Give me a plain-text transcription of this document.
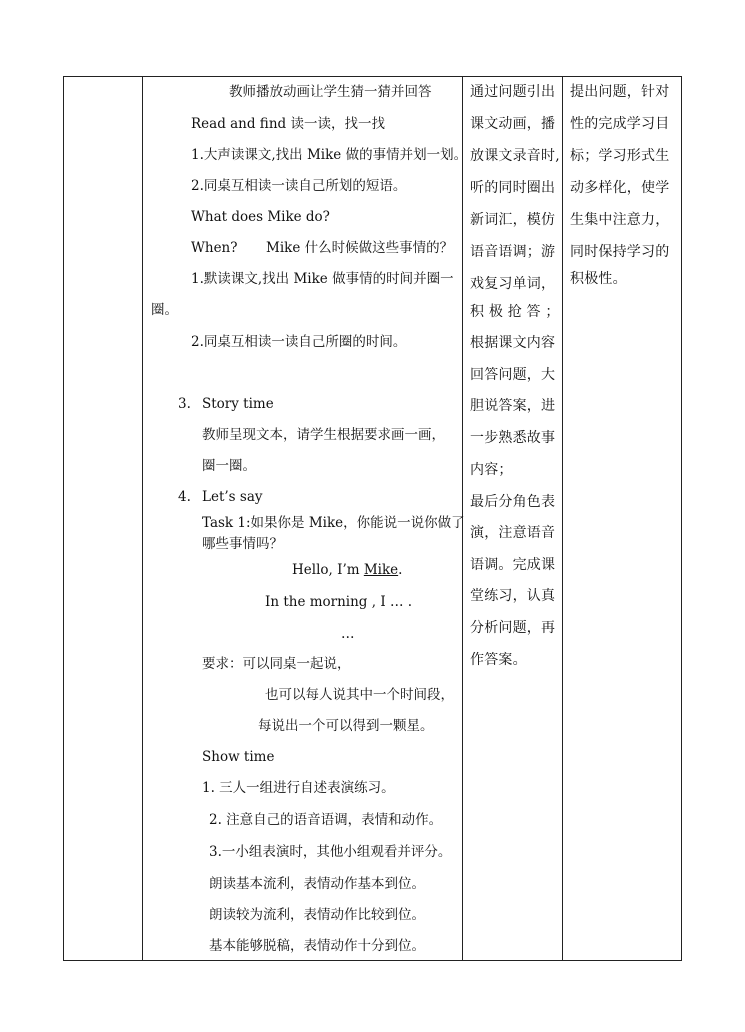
教师播放动画让学生猜一猜并回答
Read and find 读一读，找一找
1.大声读课文,找出 Mike 做的事情并划一划。
2.同桌互相读一读自己所划的短语。
What does Mike do?
When? Mike 什么时候做这些事情的？
1.默读课文,找出 Mike 做事情的时间并圈一
圈。
2.同桌互相读一读自己所圈的时间。
3. Story time
教师呈现文本，请学生根据要求画一画，
圈一圈。
4. Let’s say
Task 1:如果你是 Mike，你能说一说你做了
哪些事情吗？
Hello, I’m Mike.
In the morning , I … .
…
要求：可以同桌一起说，
也可以每人说其中一个时间段，
每说出一个可以得到一颗星。
Show time
1. 三人一组进行自述表演练习。
2. 注意自己的语音语调，表情和动作。
3.一小组表演时，其他小组观看并评分。
朗读基本流利，表情动作基本到位。
朗读较为流利，表情动作比较到位。
基本能够脱稿，表情动作十分到位。
通过问题引出
课文动画，播
放课文录音时,
听的同时圈出
新词汇，模仿
语音语调；游
戏复习单词，
积 极 抢 答 ；
根据课文内容
回答问题，大
胆说答案，进
一步熟悉故事
内容；
最后分角色表
演，注意语音
语调。完成课
堂练习，认真
分析问题，再
作答案。
提出问题，针对
性的完成学习目
标；学习形式生
动多样化，使学
生集中注意力，
同时保持学习的
积极性。
